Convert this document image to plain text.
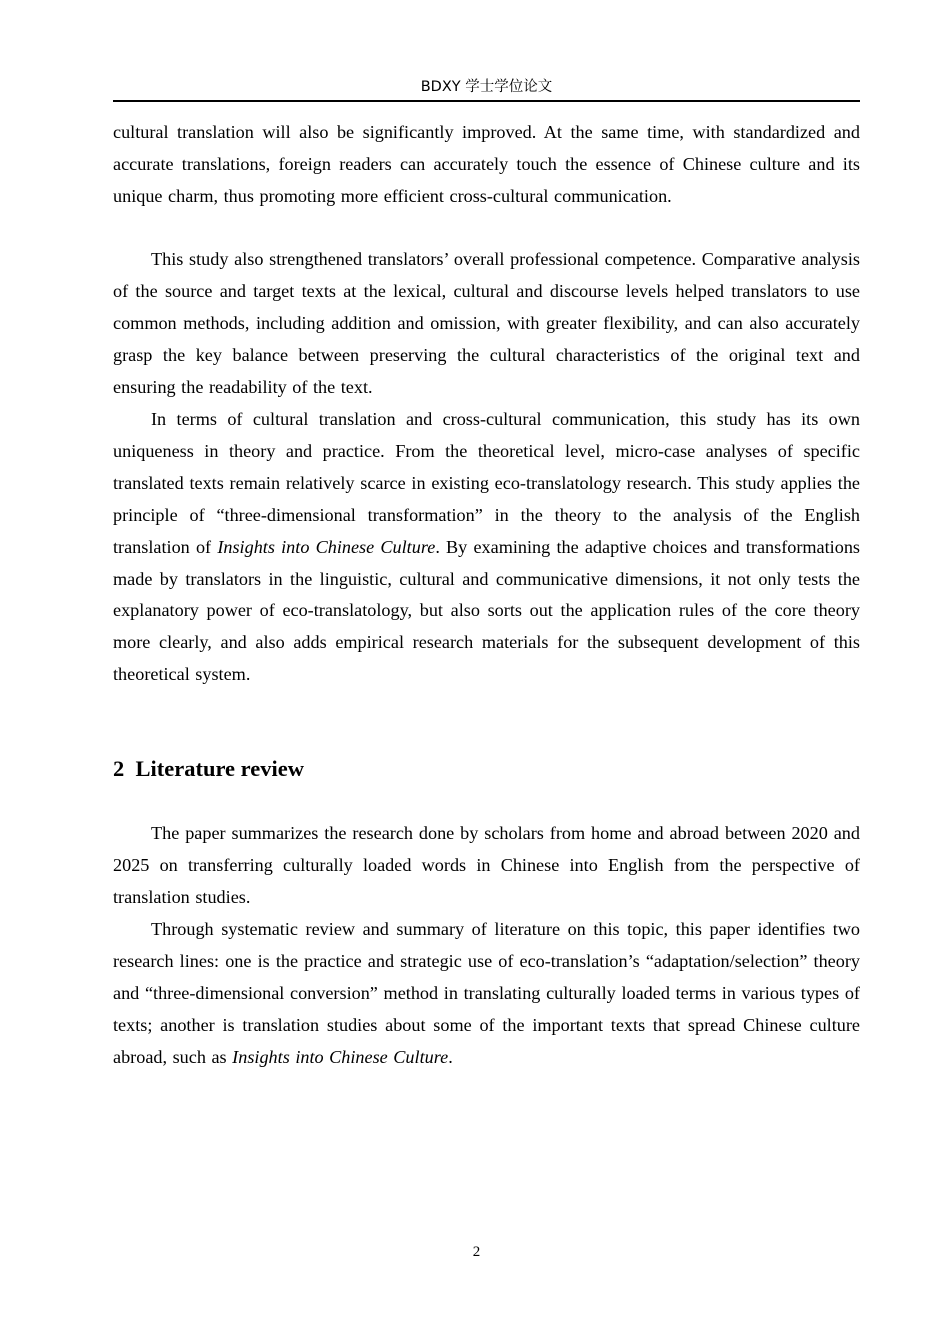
BDXY 学士学位论文

cultural translation will also be significantly improved. At the same time, with standardized and accurate translations, foreign readers can accurately touch the essence of Chinese culture and its unique charm, thus promoting more efficient cross-cultural communication.

This study also strengthened translators’ overall professional competence. Comparative analysis of the source and target texts at the lexical, cultural and discourse levels helped translators to use common methods, including addition and omission, with greater flexibility, and can also accurately grasp the key balance between preserving the cultural characteristics of the original text and ensuring the readability of the text.

In terms of cultural translation and cross-cultural communication, this study has its own uniqueness in theory and practice. From the theoretical level, micro-case analyses of specific translated texts remain relatively scarce in existing eco-translatology research. This study applies the principle of “three-dimensional transformation” in the theory to the analysis of the English translation of Insights into Chinese Culture. By examining the adaptive choices and transformations made by translators in the linguistic, cultural and communicative dimensions, it not only tests the explanatory power of eco-translatology, but also sorts out the application rules of the core theory more clearly, and also adds empirical research materials for the subsequent development of this theoretical system.

2 Literature review

The paper summarizes the research done by scholars from home and abroad between 2020 and 2025 on transferring culturally loaded words in Chinese into English from the perspective of translation studies.

Through systematic review and summary of literature on this topic, this paper identifies two research lines: one is the practice and strategic use of eco-translation’s “adaptation/selection” theory and “three-dimensional conversion” method in translating culturally loaded terms in various types of texts; another is translation studies about some of the important texts that spread Chinese culture abroad, such as Insights into Chinese Culture.

2
